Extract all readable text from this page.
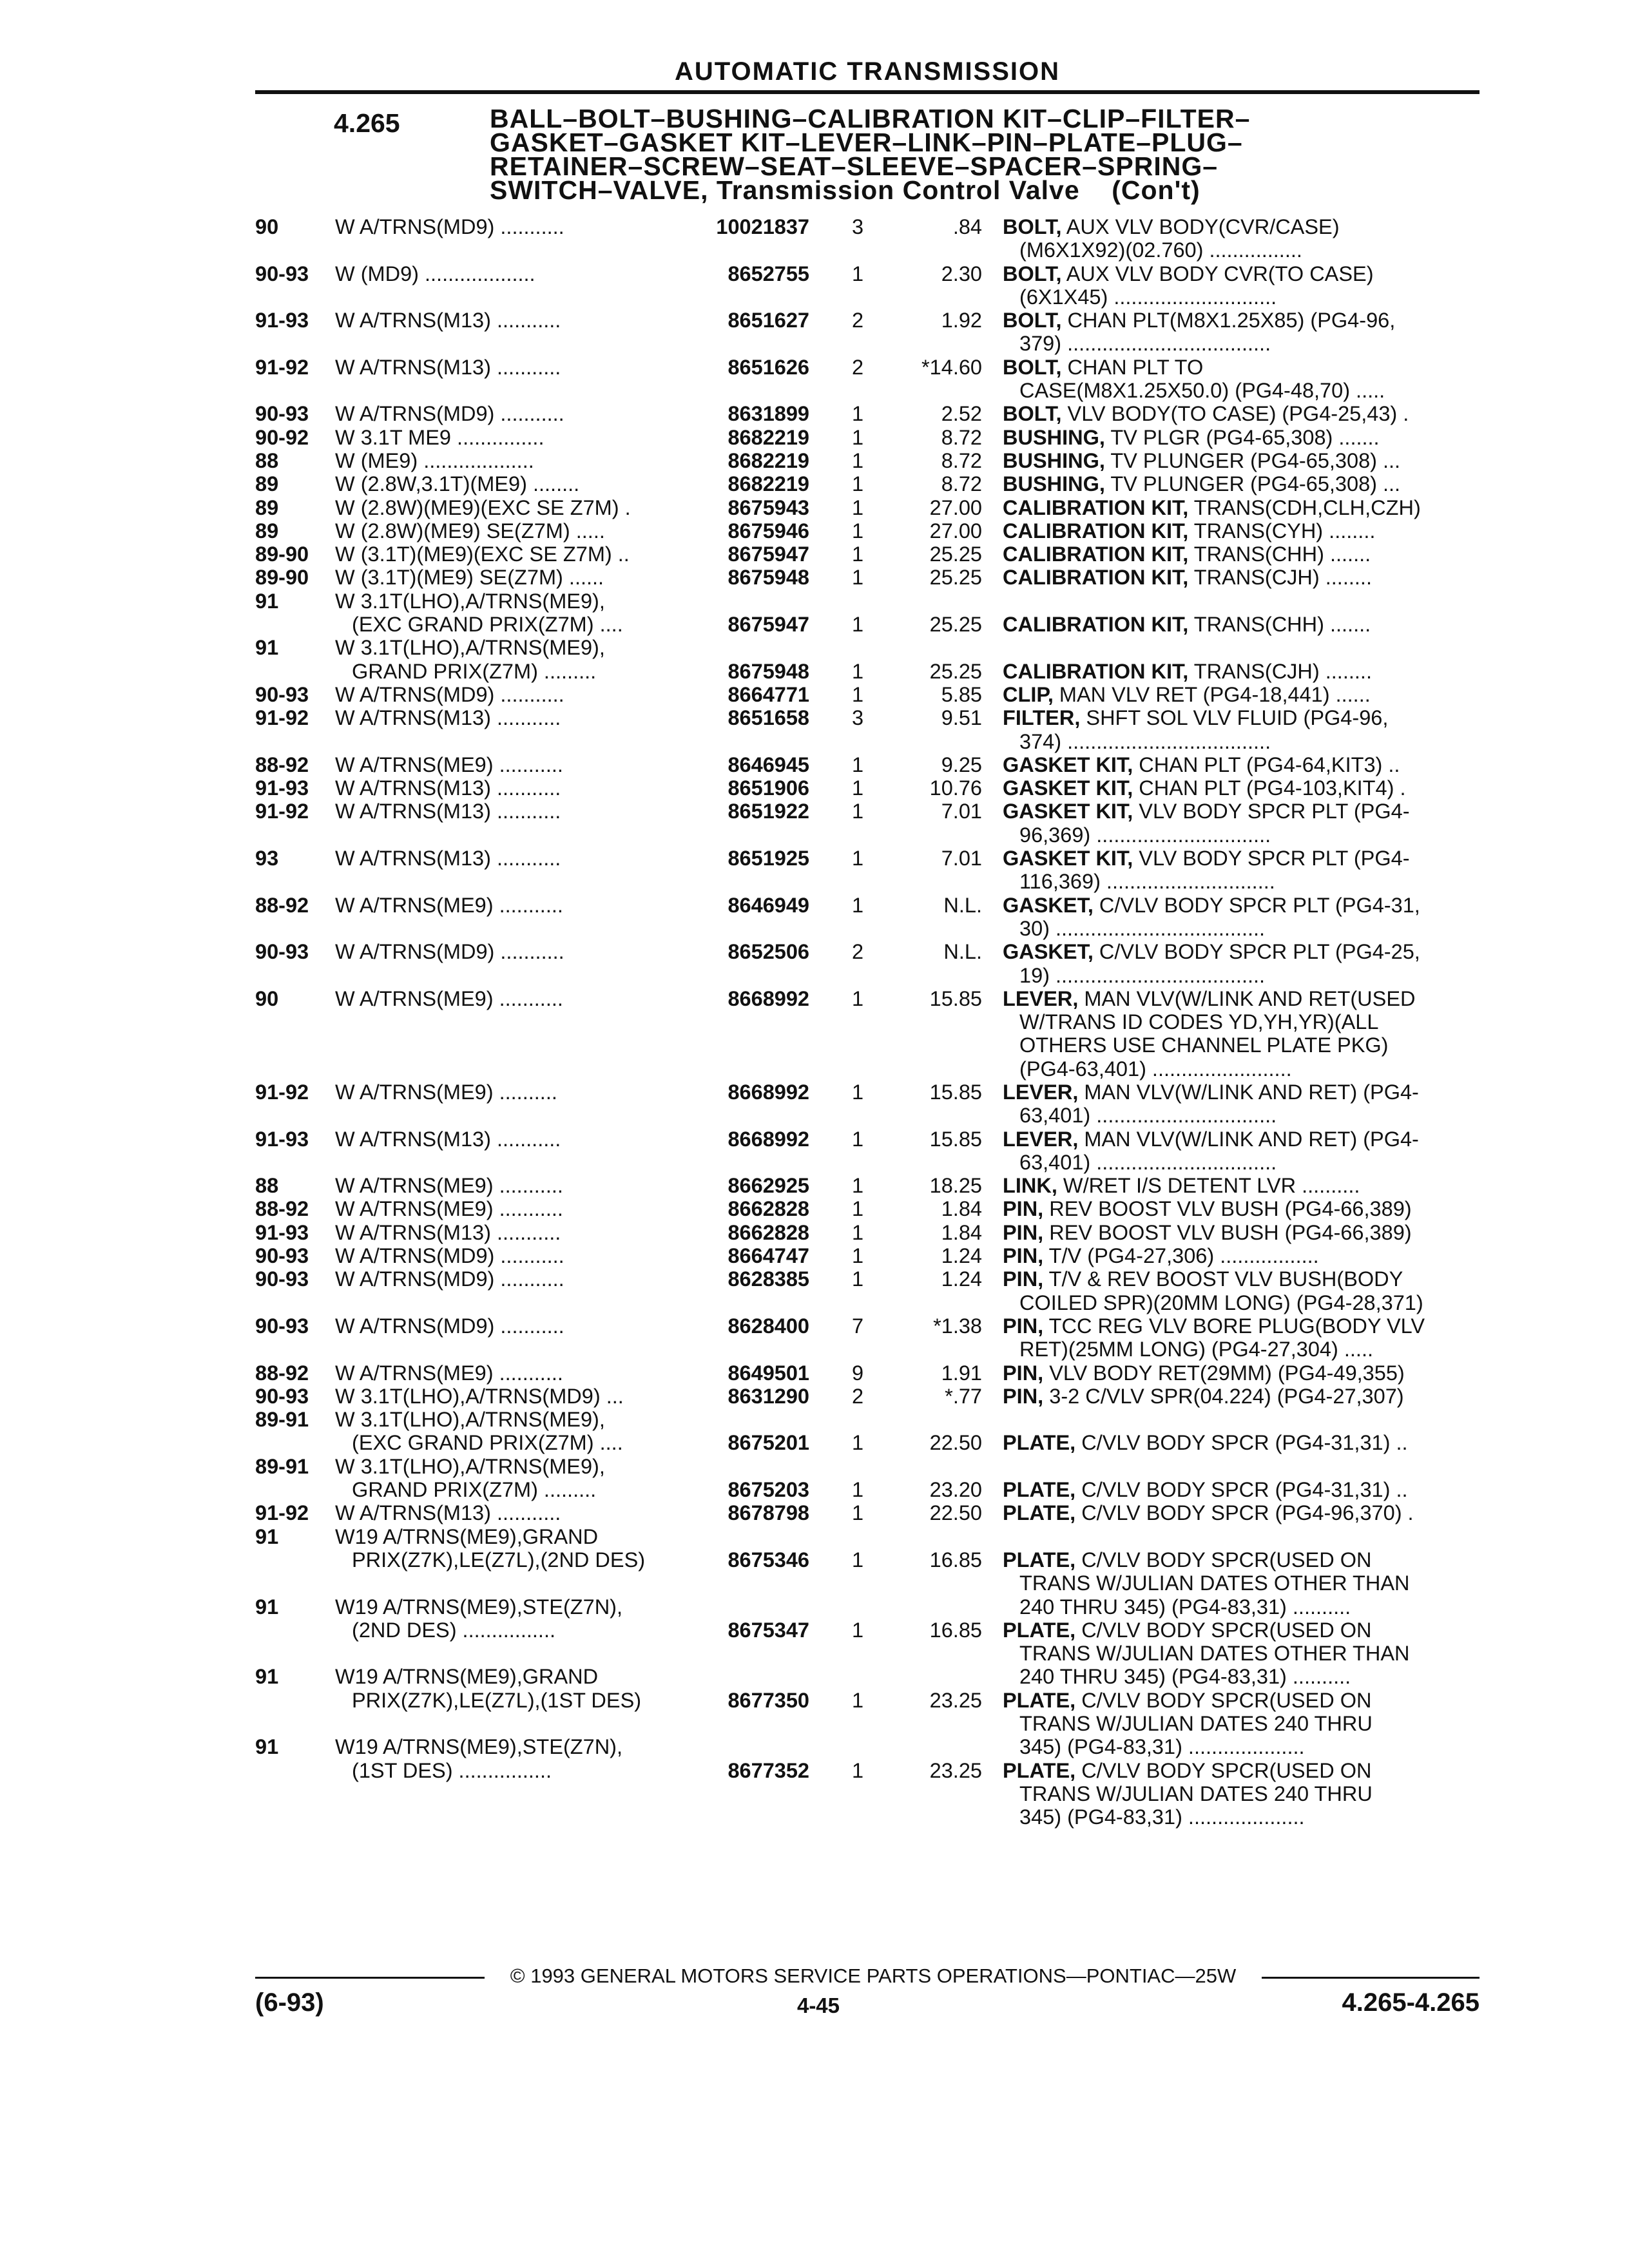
AUTOMATIC TRANSMISSION
4.265	BALL–BOLT–BUSHING–CALIBRATION KIT–CLIP–FILTER–
GASKET–GASKET KIT–LEVER–LINK–PIN–PLATE–PLUG–
RETAINER–SCREW–SEAT–SLEEVE–SPACER–SPRING–
SWITCH–VALVE, Transmission Control Valve (Con't)
90	W A/TRNS(MD9) ...........	10021837 3	.84 BOLT, AUX VLV BODY(CVR/CASE)
(M6X1X92)(02.760) ................
90-93 W (MD9) ...................	8652755 1	2.30 BOLT, AUX VLV BODY CVR(TO CASE)
(6X1X45) ............................
91-93 W A/TRNS(M13) ...........	8651627 2	1.92 BOLT, CHAN PLT(M8X1.25X85) (PG4-96,
379) ...................................
91-92 W A/TRNS(M13) ...........	8651626 2	*14.60 BOLT, CHAN PLT TO
CASE(M8X1.25X50.0) (PG4-48,70) .....
90-93 W A/TRNS(MD9) ...........	8631899 1	2.52 BOLT, VLV BODY(TO CASE) (PG4-25,43) .
90-92 W 3.1T ME9 ...............	8682219 1	8.72 BUSHING, TV PLGR (PG4-65,308) .......
88	W (ME9) ...................	8682219 1	8.72 BUSHING, TV PLUNGER (PG4-65,308) ...
89	W (2.8W,3.1T)(ME9) ........	8682219 1	8.72 BUSHING, TV PLUNGER (PG4-65,308) ...
89	W (2.8W)(ME9)(EXC SE Z7M) .	8675943 1	27.00 CALIBRATION KIT, TRANS(CDH,CLH,CZH)
89	W (2.8W)(ME9) SE(Z7M) .....	8675946 1	27.00 CALIBRATION KIT, TRANS(CYH) ........
89-90 W (3.1T)(ME9)(EXC SE Z7M) ..	8675947 1	25.25 CALIBRATION KIT, TRANS(CHH) .......
89-90 W (3.1T)(ME9) SE(Z7M) ......	8675948 1	25.25 CALIBRATION KIT, TRANS(CJH) ........
91	W 3.1T(LHO),A/TRNS(ME9),
(EXC GRAND PRIX(Z7M) ....	8675947 1	25.25 CALIBRATION KIT, TRANS(CHH) .......
91	W 3.1T(LHO),A/TRNS(ME9),
GRAND PRIX(Z7M) .........	8675948 1	25.25 CALIBRATION KIT, TRANS(CJH) ........
90-93 W A/TRNS(MD9) ...........	8664771 1	5.85 CLIP, MAN VLV RET (PG4-18,441) ......
91-92 W A/TRNS(M13) ...........	8651658 3	9.51 FILTER, SHFT SOL VLV FLUID (PG4-96,
374) ...................................
88-92 W A/TRNS(ME9) ...........	8646945 1	9.25 GASKET KIT, CHAN PLT (PG4-64,KIT3) ..
91-93 W A/TRNS(M13) ...........	8651906 1	10.76 GASKET KIT, CHAN PLT (PG4-103,KIT4) .
91-92 W A/TRNS(M13) ...........	8651922 1	7.01 GASKET KIT, VLV BODY SPCR PLT (PG4-
96,369) ..............................
93	W A/TRNS(M13) ...........	8651925 1	7.01 GASKET KIT, VLV BODY SPCR PLT (PG4-
116,369) .............................
88-92 W A/TRNS(ME9) ...........	8646949 1	N.L. GASKET, C/VLV BODY SPCR PLT (PG4-31,
30) ....................................
90-93 W A/TRNS(MD9) ...........	8652506 2	N.L. GASKET, C/VLV BODY SPCR PLT (PG4-25,
19) ....................................
90	W A/TRNS(ME9) ...........	8668992 1	15.85 LEVER, MAN VLV(W/LINK AND RET(USED
W/TRANS ID CODES YD,YH,YR)(ALL
OTHERS USE CHANNEL PLATE PKG)
(PG4-63,401) ........................
91-92 W A/TRNS(ME9) ..........	8668992 1	15.85 LEVER, MAN VLV(W/LINK AND RET) (PG4-
63,401) ...............................
91-93 W A/TRNS(M13) ...........	8668992 1	15.85 LEVER, MAN VLV(W/LINK AND RET) (PG4-
63,401) ...............................
88	W A/TRNS(ME9) ...........	8662925 1	18.25 LINK, W/RET I/S DETENT LVR ..........
88-92 W A/TRNS(ME9) ...........	8662828 1	1.84 PIN, REV BOOST VLV BUSH (PG4-66,389)
91-93 W A/TRNS(M13) ...........	8662828 1	1.84 PIN, REV BOOST VLV BUSH (PG4-66,389)
90-93 W A/TRNS(MD9) ...........	8664747 1	1.24 PIN, T/V (PG4-27,306) .................
90-93 W A/TRNS(MD9) ...........	8628385 1	1.24 PIN, T/V & REV BOOST VLV BUSH(BODY
COILED SPR)(20MM LONG) (PG4-28,371)
90-93 W A/TRNS(MD9) ...........	8628400 7	*1.38 PIN, TCC REG VLV BORE PLUG(BODY VLV
RET)(25MM LONG) (PG4-27,304) .....
88-92 W A/TRNS(ME9) ...........	8649501 9	1.91 PIN, VLV BODY RET(29MM) (PG4-49,355)
90-93 W 3.1T(LHO),A/TRNS(MD9) ...	8631290 2	*.77 PIN, 3-2 C/VLV SPR(04.224) (PG4-27,307)
89-91 W 3.1T(LHO),A/TRNS(ME9),
(EXC GRAND PRIX(Z7M) ....	8675201 1	22.50 PLATE, C/VLV BODY SPCR (PG4-31,31) ..
89-91 W 3.1T(LHO),A/TRNS(ME9),
GRAND PRIX(Z7M) .........	8675203 1	23.20 PLATE, C/VLV BODY SPCR (PG4-31,31) ..
91-92 W A/TRNS(M13) ...........	8678798 1	22.50 PLATE, C/VLV BODY SPCR (PG4-96,370) .
91	W19 A/TRNS(ME9),GRAND
PRIX(Z7K),LE(Z7L),(2ND DES)	8675346 1	16.85 PLATE, C/VLV BODY SPCR(USED ON
TRANS W/JULIAN DATES OTHER THAN
240 THRU 345) (PG4-83,31) ..........
91	W19 A/TRNS(ME9),STE(Z7N),
(2ND DES) ................	8675347 1	16.85 PLATE, C/VLV BODY SPCR(USED ON
TRANS W/JULIAN DATES OTHER THAN
240 THRU 345) (PG4-83,31) ..........
91	W19 A/TRNS(ME9),GRAND
PRIX(Z7K),LE(Z7L),(1ST DES)	8677350 1	23.25 PLATE, C/VLV BODY SPCR(USED ON
TRANS W/JULIAN DATES 240 THRU
345) (PG4-83,31) ....................
91	W19 A/TRNS(ME9),STE(Z7N),
(1ST DES) ................	8677352 1	23.25 PLATE, C/VLV BODY SPCR(USED ON
TRANS W/JULIAN DATES 240 THRU
345) (PG4-83,31) ....................
© 1993 GENERAL MOTORS SERVICE PARTS OPERATIONS—PONTIAC—25W
(6-93)	4-45	4.265-4.265
